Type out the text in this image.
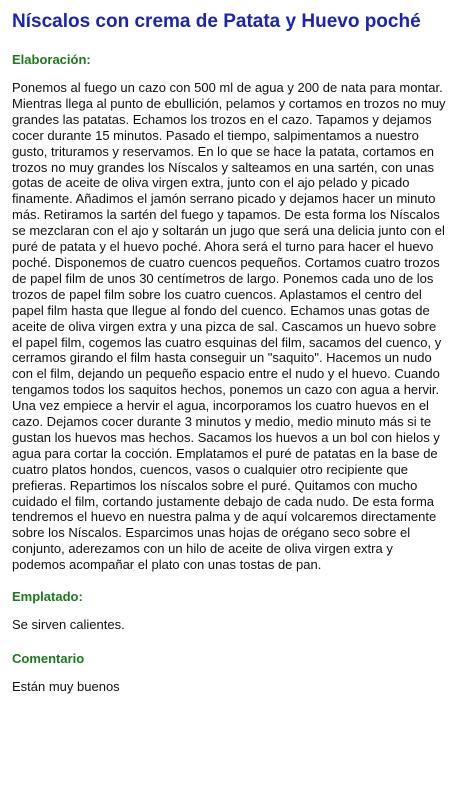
Níscalos con crema de Patata y Huevo poché
Elaboración:

Ponemos al fuego un cazo con 500 ml de agua y 200 de nata para montar. Mientras llega al punto de ebullición, pelamos y cortamos en trozos no muy grandes las patatas. Echamos los trozos en el cazo. Tapamos y dejamos cocer durante 15 minutos. Pasado el tiempo, salpimentamos a nuestro gusto, trituramos y reservamos. En lo que se hace la patata, cortamos en trozos no muy grandes los Níscalos y salteamos en una sartén, con unas gotas de aceite de oliva virgen extra, junto con el ajo pelado y picado finamente. Añadimos el jamón serrano picado y dejamos hacer un minuto más. Retiramos la sartén del fuego y tapamos. De esta forma los Níscalos se mezclaran con el ajo y soltarán un jugo que será una delicia junto con el puré de patata y el huevo poché. Ahora será el turno para hacer el huevo poché. Disponemos de cuatro cuencos pequeños. Cortamos cuatro trozos de papel film de unos 30 centímetros de largo. Ponemos cada uno de los trozos de papel film sobre los cuatro cuencos. Aplastamos el centro del papel film hasta que llegue al fondo del cuenco. Echamos unas gotas de aceite de oliva virgen extra y una pizca de sal. Cascamos un huevo sobre el papel film, cogemos las cuatro esquinas del film, sacamos del cuenco, y cerramos girando el film hasta conseguir un "saquito". Hacemos un nudo con el film, dejando un pequeño espacio entre el nudo y el huevo. Cuando tengamos todos los saquitos hechos, ponemos un cazo con agua a hervir. Una vez empiece a hervir el agua, incorporamos los cuatro huevos en el cazo. Dejamos cocer durante 3 minutos y medio, medio minuto más si te gustan los huevos mas hechos. Sacamos los huevos a un bol con hielos y agua para cortar la cocción. Emplatamos el puré de patatas en la base de cuatro platos hondos, cuencos, vasos o cualquier otro recipiente que prefieras. Repartimos los níscalos sobre el puré. Quitamos con mucho cuidado el film, cortando justamente debajo de cada nudo. De esta forma tendremos el huevo en nuestra palma y de aquí volcaremos directamente sobre los Níscalos. Esparcimos unas hojas de orégano seco sobre el conjunto, aderezamos con un hilo de aceite de oliva virgen extra y podemos acompañar el plato con unas tostas de pan.

Emplatado:

Se sirven calientes.

Comentario

Están muy buenos
